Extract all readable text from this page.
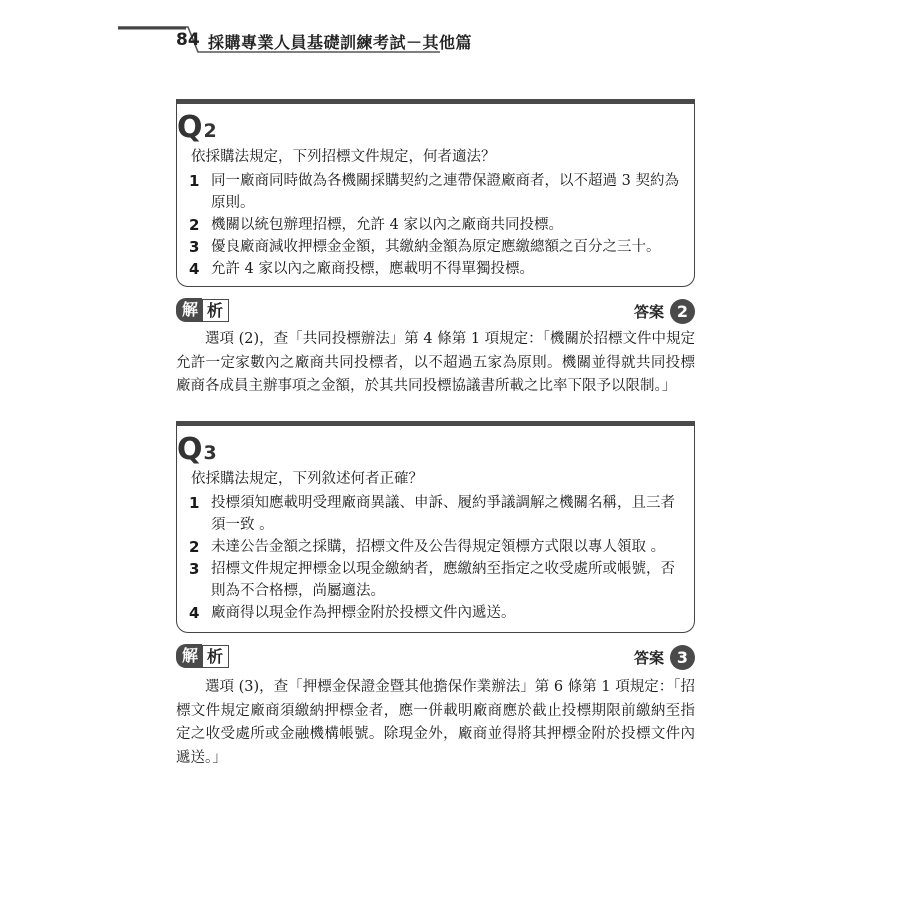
84 採購專業人員基礎訓練考試－其他篇
Q2
依採購法規定，下列招標文件規定，何者適法？
1 同一廠商同時做為各機關採購契約之連帶保證廠商者，以不超過 3 契約為原則。
2 機關以統包辦理招標，允許 4 家以內之廠商共同投標。
3 優良廠商減收押標金金額，其繳納金額為原定應繳總額之百分之三十。
4 允許 4 家以內之廠商投標，應載明不得單獨投標。
解 析	答案 2
選項 (2)，查「共同投標辦法」第 4 條第 1 項規定：「機關於招標文件中規定允許一定家數內之廠商共同投標者，以不超過五家為原則。機關並得就共同投標廠商各成員主辦事項之金額，於其共同投標協議書所載之比率下限予以限制。」
Q3
依採購法規定，下列敘述何者正確？
1 投標須知應載明受理廠商異議、申訴、履約爭議調解之機關名稱，且三者須一致 。
2 未達公告金額之採購，招標文件及公告得規定領標方式限以專人領取 。
3 招標文件規定押標金以現金繳納者，應繳納至指定之收受處所或帳號，否則為不合格標，尚屬適法。
4 廠商得以現金作為押標金附於投標文件內遞送。
解 析	答案 3
選項 (3)，查「押標金保證金暨其他擔保作業辦法」第 6 條第 1 項規定：「招標文件規定廠商須繳納押標金者，應一併載明廠商應於截止投標期限前繳納至指定之收受處所或金融機構帳號。除現金外，廠商並得將其押標金附於投標文件內遞送。」
